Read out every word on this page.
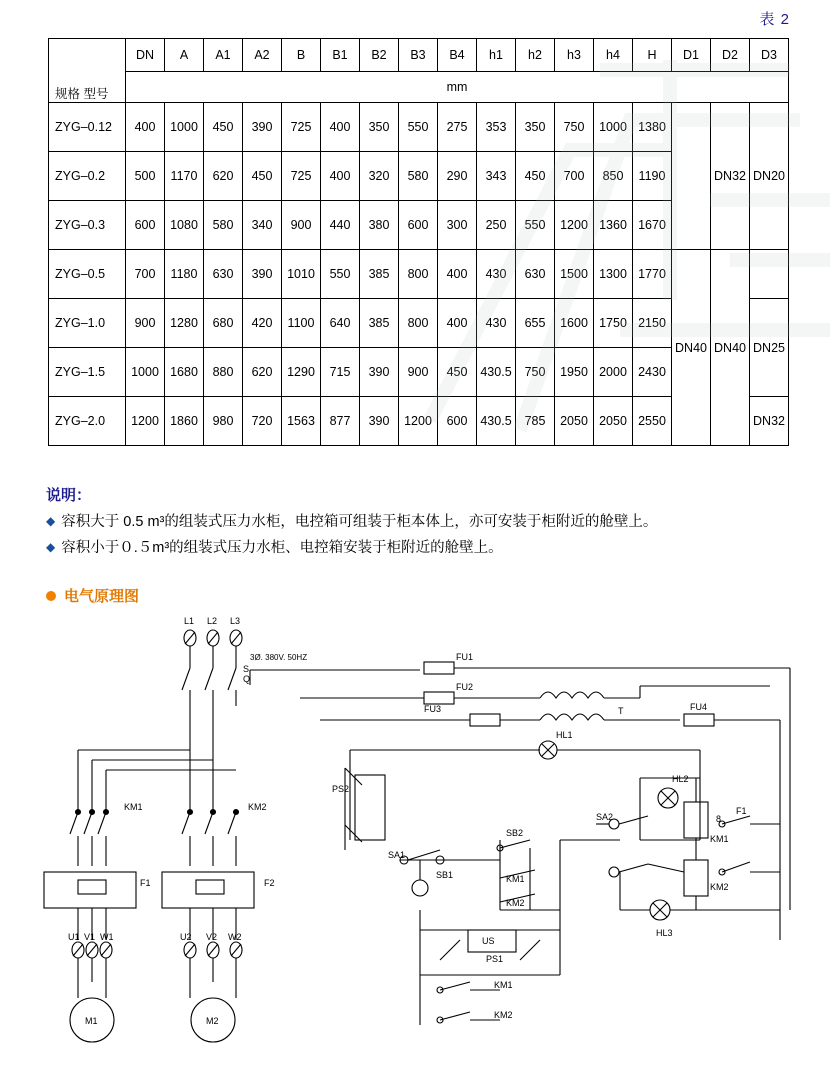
表 2
规格 型号	DN	A	A1	A2	B	B1	B2	B3	B4	h1	h2	h3	h4	H	D1	D2	D3
	mm																
ZYG–0.12	400	1000	450	390	725	400	350	550	275	353	350	750	1000	1380		DN32	DN20
ZYG–0.2	500	1170	620	450	725	400	320	580	290	343	450	700	850	1190			
ZYG–0.3	600	1080	580	340	900	440	380	600	300	250	550	1200	1360	1670			
ZYG–0.5	700	1180	630	390	1010	550	385	800	400	430	630	1500	1300	1770	DN40	DN40	
ZYG–1.0	900	1280	680	420	1100	640	385	800	400	430	655	1600	1750	2150			DN25
ZYG–1.5	1000	1680	880	620	1290	715	390	900	450	430.5	750	1950	2000	2430			
ZYG–2.0	1200	1860	980	720	1563	877	390	1200	600	430.5	785	2050	2050	2550			DN32
说明：
◆ 容积大于 0.5 m³的组装式压力水柜，电控箱可组装于柜本体上，亦可安装于柜附近的舱壁上。
◆ 容积小于０.５m³的组装式压力水柜、电控箱安装于柜附近的舱壁上。
电气原理图
L1 L2 L3
3Ø. 380V. 50HZ
Q
S
FU1
FU2
FU3	FU4
T
HL1
HL2
HL3
SA2
KM1
KM2
F1
8
SA1
SB1
SB2
KM1
KM2
PS2
US
PS1
KM1
KM2
KM1	KM2
F1	F2
U1 V1 W1	U2 V2 W2
M1	M2
